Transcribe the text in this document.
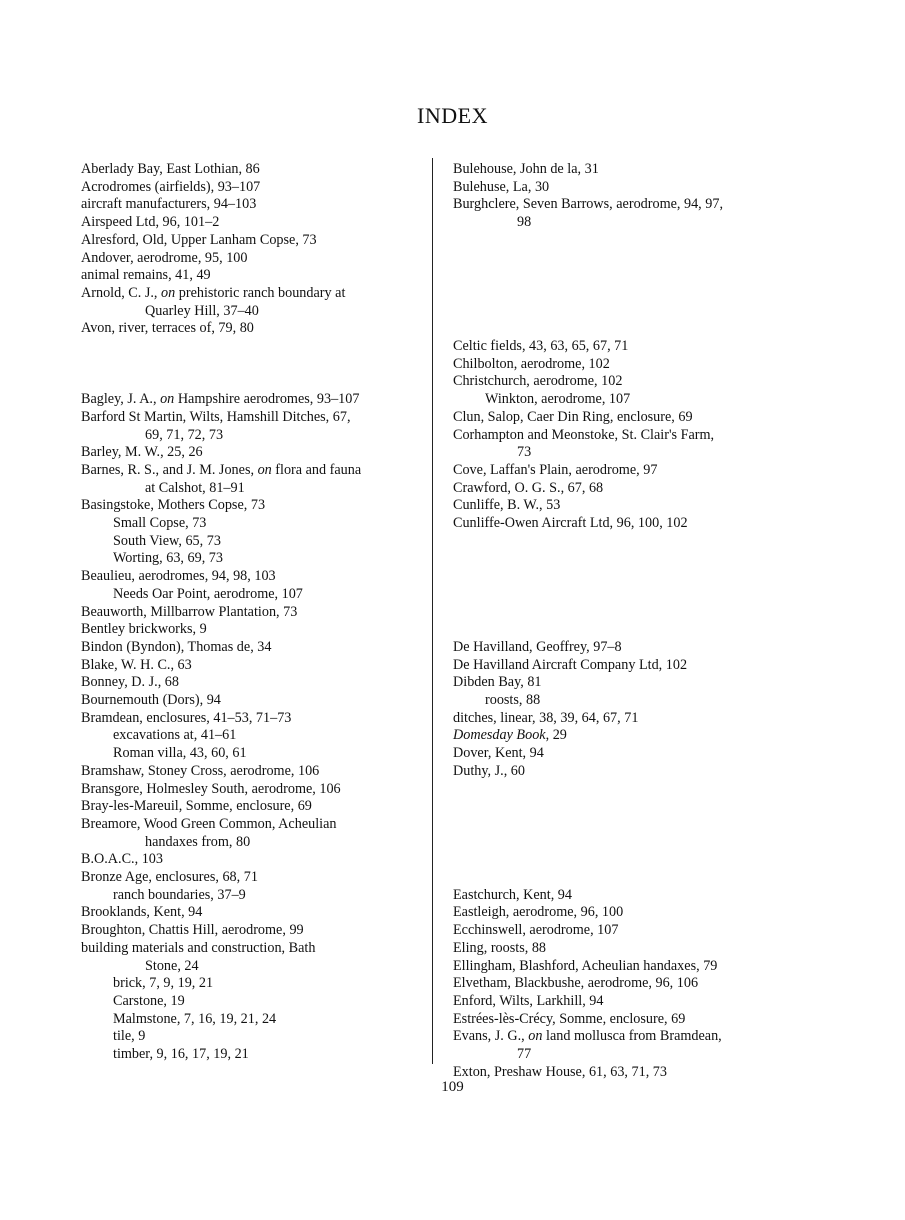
INDEX
Aberlady Bay, East Lothian, 86
Acrodromes (airfields), 93–107
aircraft manufacturers, 94–103
Airspeed Ltd, 96, 101–2
Alresford, Old, Upper Lanham Copse, 73
Andover, aerodrome, 95, 100
animal remains, 41, 49
Arnold, C. J., on prehistoric ranch boundary at
Quarley Hill, 37–40
Avon, river, terraces of, 79, 80
Bagley, J. A., on Hampshire aerodromes, 93–107
Barford St Martin, Wilts, Hamshill Ditches, 67,
69, 71, 72, 73
Barley, M. W., 25, 26
Barnes, R. S., and J. M. Jones, on flora and fauna
at Calshot, 81–91
Basingstoke, Mothers Copse, 73
Small Copse, 73
South View, 65, 73
Worting, 63, 69, 73
Beaulieu, aerodromes, 94, 98, 103
Needs Oar Point, aerodrome, 107
Beauworth, Millbarrow Plantation, 73
Bentley brickworks, 9
Bindon (Byndon), Thomas de, 34
Blake, W. H. C., 63
Bonney, D. J., 68
Bournemouth (Dors), 94
Bramdean, enclosures, 41–53, 71–73
excavations at, 41–61
Roman villa, 43, 60, 61
Bramshaw, Stoney Cross, aerodrome, 106
Bransgore, Holmesley South, aerodrome, 106
Bray-les-Mareuil, Somme, enclosure, 69
Breamore, Wood Green Common, Acheulian
handaxes from, 80
B.O.A.C., 103
Bronze Age, enclosures, 68, 71
ranch boundaries, 37–9
Brooklands, Kent, 94
Broughton, Chattis Hill, aerodrome, 99
building materials and construction, Bath
Stone, 24
brick, 7, 9, 19, 21
Carstone, 19
Malmstone, 7, 16, 19, 21, 24
tile, 9
timber, 9, 16, 17, 19, 21
Bulehouse, John de la, 31
Bulehuse, La, 30
Burghclere, Seven Barrows, aerodrome, 94, 97,
98
Celtic fields, 43, 63, 65, 67, 71
Chilbolton, aerodrome, 102
Christchurch, aerodrome, 102
Winkton, aerodrome, 107
Clun, Salop, Caer Din Ring, enclosure, 69
Corhampton and Meonstoke, St. Clair's Farm,
73
Cove, Laffan's Plain, aerodrome, 97
Crawford, O. G. S., 67, 68
Cunliffe, B. W., 53
Cunliffe-Owen Aircraft Ltd, 96, 100, 102
De Havilland, Geoffrey, 97–8
De Havilland Aircraft Company Ltd, 102
Dibden Bay, 81
roosts, 88
ditches, linear, 38, 39, 64, 67, 71
Domesday Book, 29
Dover, Kent, 94
Duthy, J., 60
Eastchurch, Kent, 94
Eastleigh, aerodrome, 96, 100
Ecchinswell, aerodrome, 107
Eling, roosts, 88
Ellingham, Blashford, Acheulian handaxes, 79
Elvetham, Blackbushe, aerodrome, 96, 106
Enford, Wilts, Larkhill, 94
Estrées-lès-Crécy, Somme, enclosure, 69
Evans, J. G., on land mollusca from Bramdean,
77
Exton, Preshaw House, 61, 63, 71, 73
109
